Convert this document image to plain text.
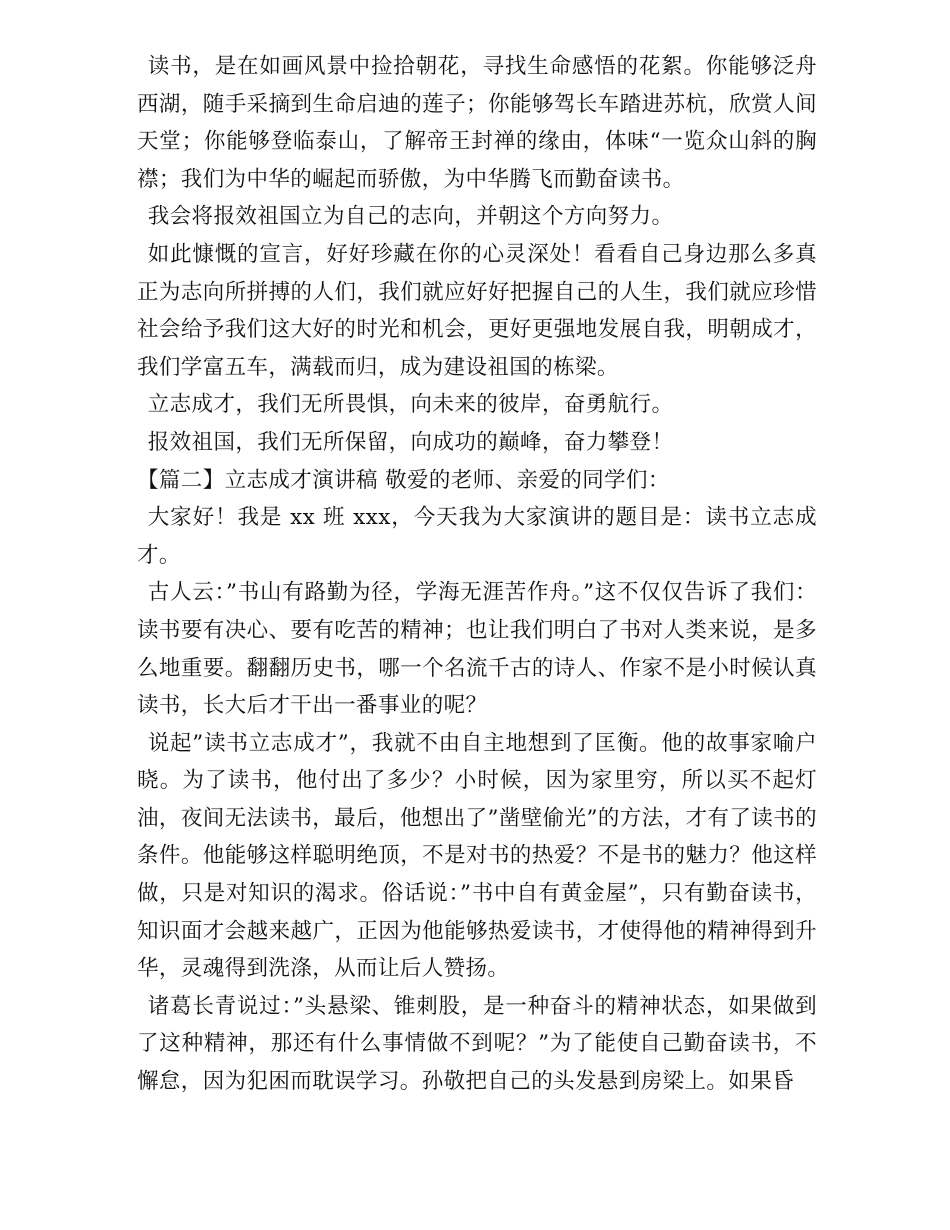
读书，是在如画风景中捡拾朝花，寻找生命感悟的花絮。你能够泛舟西湖，随手采摘到生命启迪的莲子；你能够驾长车踏进苏杭，欣赏人间天堂；你能够登临泰山，了解帝王封禅的缘由，体味“一览众山斜的胸襟；我们为中华的崛起而骄傲，为中华腾飞而勤奋读书。

我会将报效祖国立为自己的志向，并朝这个方向努力。

如此慷慨的宣言，好好珍藏在你的心灵深处！看看自己身边那么多真正为志向所拼搏的人们，我们就应好好把握自己的人生，我们就应珍惜社会给予我们这大好的时光和机会，更好更强地发展自我，明朝成才，我们学富五车，满载而归，成为建设祖国的栋梁。

立志成才，我们无所畏惧，向未来的彼岸，奋勇航行。

报效祖国，我们无所保留，向成功的巅峰，奋力攀登！

【篇二】立志成才演讲稿 敬爱的老师、亲爱的同学们：

大家好！我是 xx 班 xxx，今天我为大家演讲的题目是：读书立志成才。

古人云：”书山有路勤为径，学海无涯苦作舟。”这不仅仅告诉了我们：读书要有决心、要有吃苦的精神；也让我们明白了书对人类来说，是多么地重要。翻翻历史书，哪一个名流千古的诗人、作家不是小时候认真读书，长大后才干出一番事业的呢？

说起”读书立志成才”，我就不由自主地想到了匡衡。他的故事家喻户晓。为了读书，他付出了多少？小时候，因为家里穷，所以买不起灯油，夜间无法读书，最后，他想出了”凿壁偷光”的方法，才有了读书的条件。他能够这样聪明绝顶，不是对书的热爱？不是书的魅力？他这样做，只是对知识的渴求。俗话说：”书中自有黄金屋”，只有勤奋读书，知识面才会越来越广，正因为他能够热爱读书，才使得他的精神得到升华，灵魂得到洗涤，从而让后人赞扬。

诸葛长青说过：”头悬梁、锥刺股，是一种奋斗的精神状态，如果做到了这种精神，那还有什么事情做不到呢？”为了能使自己勤奋读书，不懈怠，因为犯困而耽误学习。孙敬把自己的头发悬到房梁上。如果昏
